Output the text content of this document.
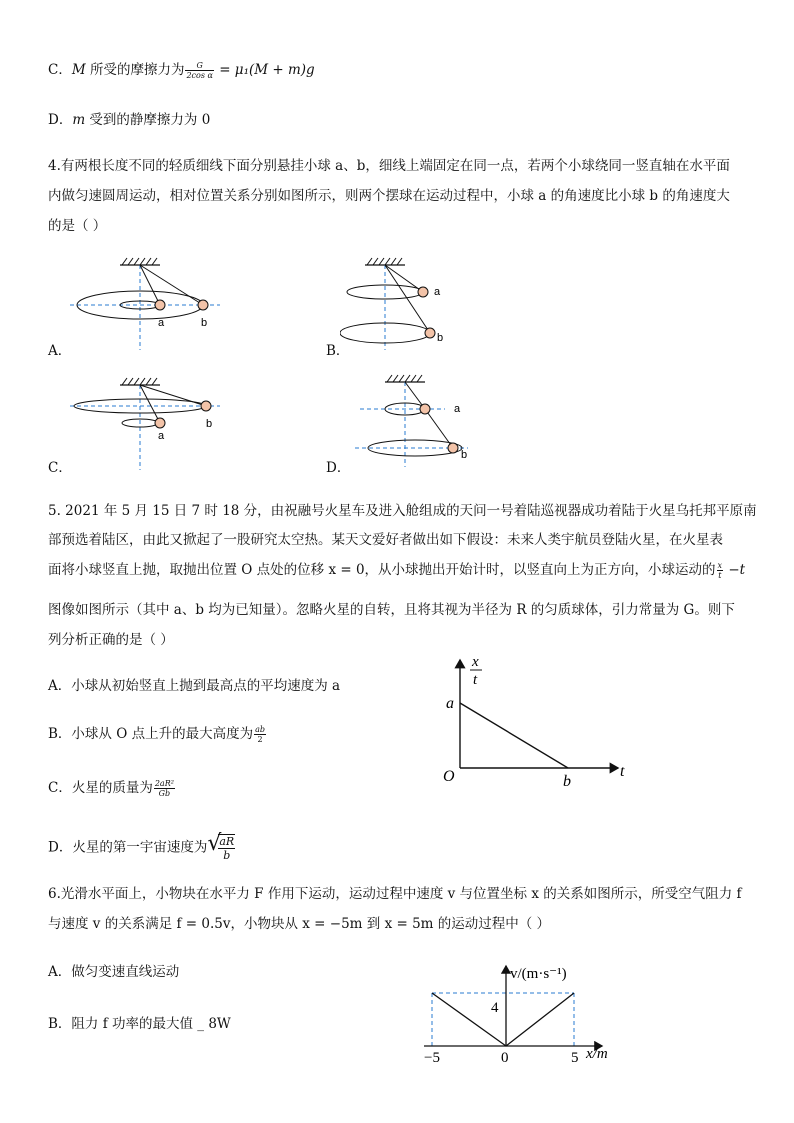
C．M 所受的摩擦力为 $\frac{G}{\text{2cos α}} = \mu_1(M + m)g$
D．m 受到的静摩擦力为 0
4.有两根长度不同的轻质细线下面分别悬挂小球 a、b，细线上端固定在同一点，若两个小球绕同一竖直轴在水平面
内做匀速圆周运动，相对位置关系分别如图所示，则两个摆球在运动过程中，小球 a 的角速度比小球 b 的角速度大
的是（ ）
a	b
A．
a
b
B．
a
b
C．
a
b
D．
5. 2021 年 5 月 15 日 7 时 18 分，由祝融号火星车及进入舱组成的天问一号着陆巡视器成功着陆于火星乌托邦平原南
部预选着陆区，由此又掀起了一股研究太空热。某天文爱好者做出如下假设：未来人类宇航员登陆火星，在火星表
面将小球竖直上抛，取抛出位置 O 点处的位移 x = 0，从小球抛出开始计时，以竖直向上为正方向，小球运动的 $\frac{x}{t} -t$
图像如图所示（其中 a、b 均为已知量）。忽略火星的自转，且将其视为半径为 R 的匀质球体，引力常量为 G。则下
列分析正确的是（ ）
A．小球从初始竖直上抛到最高点的平均速度为 a
B．小球从 O 点上升的最大高度为 $\frac{ab}{2}$
C．火星的质量为 $\frac{\text{2aR²}}{Gb}$
D．火星的第一宇宙速度为 √
$\frac{aR}{b}$
x
t
a
O	b
t
6.光滑水平面上，小物块在水平力 F 作用下运动，运动过程中速度 v 与位置坐标 x 的关系如图所示，所受空气阻力 f
与速度 v 的关系满足 f = 0.5v，小物块从 x = −5m 到 x = 5m 的运动过程中（ ）
A．做匀变速直线运动
B．阻力 f 功率的最大值 _ 8W
v/(m·s⁻¹)
4
−5	0	5 x/m
